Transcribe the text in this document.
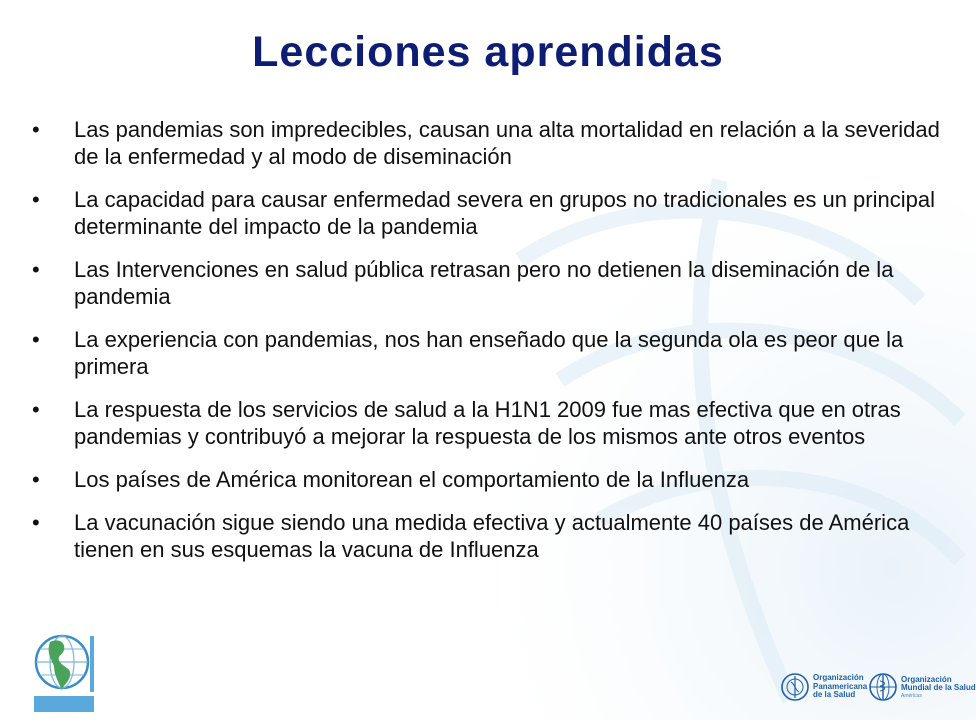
Lecciones aprendidas
•	Las pandemias son impredecibles, causan una alta mortalidad en relación a la severidad de la enfermedad y al modo de diseminación
•	La capacidad para causar enfermedad severa en grupos no tradicionales es un principal determinante del impacto de la pandemia
•	Las Intervenciones en salud pública retrasan pero no detienen la diseminación de la pandemia
•	La experiencia con pandemias, nos han enseñado que la segunda ola es peor que la primera
•	La respuesta de los servicios de salud a la H1N1 2009 fue mas efectiva que en otras pandemias y contribuyó a mejorar la respuesta de los mismos ante otros eventos
•	Los países de América monitorean el comportamiento de la Influenza
•	La vacunación sigue siendo una medida efectiva y actualmente 40 países de América tienen en sus esquemas la vacuna de Influenza
Organización
Panamericana
de la Salud
Organización
Mundial de la Salud
Américas
